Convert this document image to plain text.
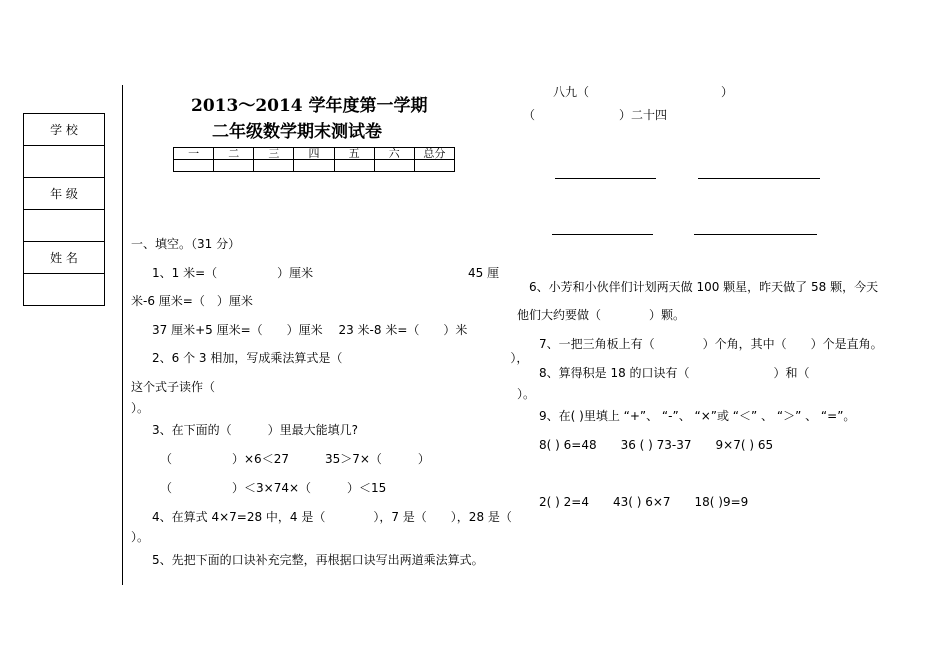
学 校

年 级

姓 名

2013～2014 学年度第一学期
二年级数学期末测试卷
一	二	三	四	五	六	总分

一、填空。（31 分）
1、1 米=（　　　　　）厘米	45 厘
米-6 厘米=（　）厘米
37 厘米+5 厘米=（　　）厘米　 23 米-8 米=（　　）米
2、6 个 3 相加，写成乘法算式是（　　　　　　　　　　　　　　），
这个式子读作（
）。
3、在下面的（　　　）里最大能填几?
（　　　　　）×6＜27　　　35＞7×（　　　）
（　　　　　）＜3×74×（　　　）＜15
4、在算式 4×7=28 中，4 是（　　　　），7 是（　　），28 是（
）。
5、先把下面的口诀补充完整，再根据口诀写出两道乘法算式。
八九（　　　　　　　　　　　）
（　　　　　　　）二十四
6、小芳和小伙伴们计划两天做 100 颗星，昨天做了 58 颗，今天
他们大约要做（　　　　）颗。
7、一把三角板上有（　　　　）个角，其中（　　）个是直角。
8、算得积是 18 的口诀有（　　　　　　　）和（
）。
9、在( )里填上 “+”、 “-”、 “×”或 “＜” 、 “＞” 、 “=”。
8( ) 6=48　　36 ( ) 73-37　　9×7( ) 65
2( ) 2=4　　43( ) 6×7　　18( )9=9
